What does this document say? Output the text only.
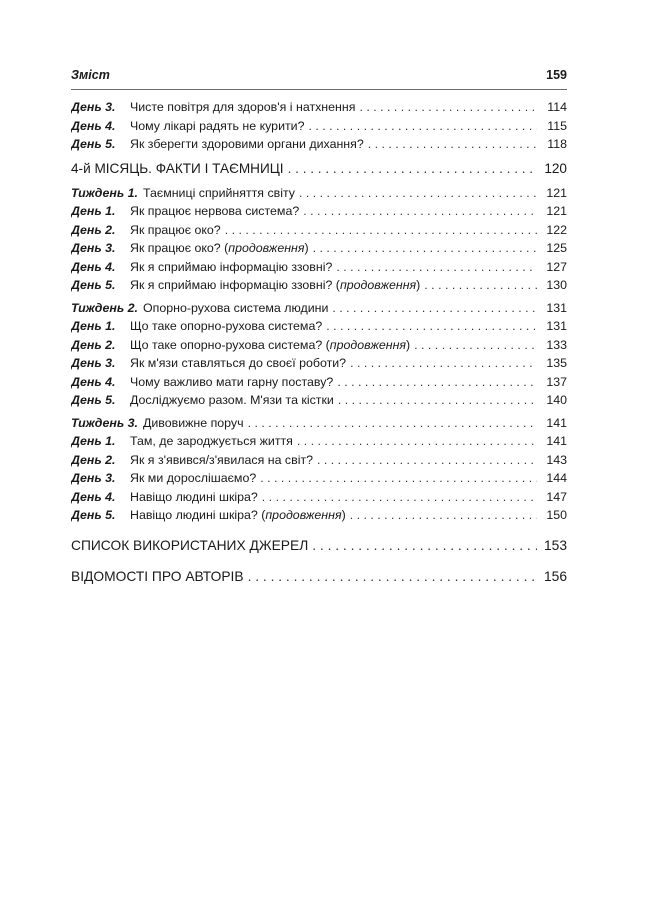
Зміст	159
День 3.	Чисте повітря для здоров'я і натхнення . . .	114
День 4.	Чому лікарі радять не курити? . . .	115
День 5.	Як зберегти здоровими органи дихання? . . .	118
4-й МІСЯЦЬ. ФАКТИ І ТАЄМНИЦІ . . .	120
Тиждень 1. Таємниці сприйняття світу . . .	121
День 1.	Як працює нервова система? . . .	121
День 2.	Як працює око? . . .	122
День 3.	Як працює око? (продовження) . . .	125
День 4.	Як я сприймаю інформацію ззовні? . . .	127
День 5.	Як я сприймаю інформацію ззовні? (продовження) . . .	130
Тиждень 2. Опорно-рухова система людини . . .	131
День 1.	Що таке опорно-рухова система? . . .	131
День 2.	Що таке опорно-рухова система? (продовження) . . .	133
День 3.	Як м'язи ставляться до своєї роботи? . . .	135
День 4.	Чому важливо мати гарну поставу? . . .	137
День 5.	Досліджуємо разом. М'язи та кістки . . .	140
Тиждень 3. Дивовижне поруч . . .	141
День 1.	Там, де зароджується життя . . .	141
День 2.	Як я з'явився/з'явилася на світ? . . .	143
День 3.	Як ми дорослішаємо? . . .	144
День 4.	Навіщо людині шкіра? . . .	147
День 5.	Навіщо людині шкіра? (продовження) . . .	150
СПИСОК ВИКОРИСТАНИХ ДЖЕРЕЛ . . .	153
ВІДОМОСТІ ПРО АВТОРІВ . . .	156
